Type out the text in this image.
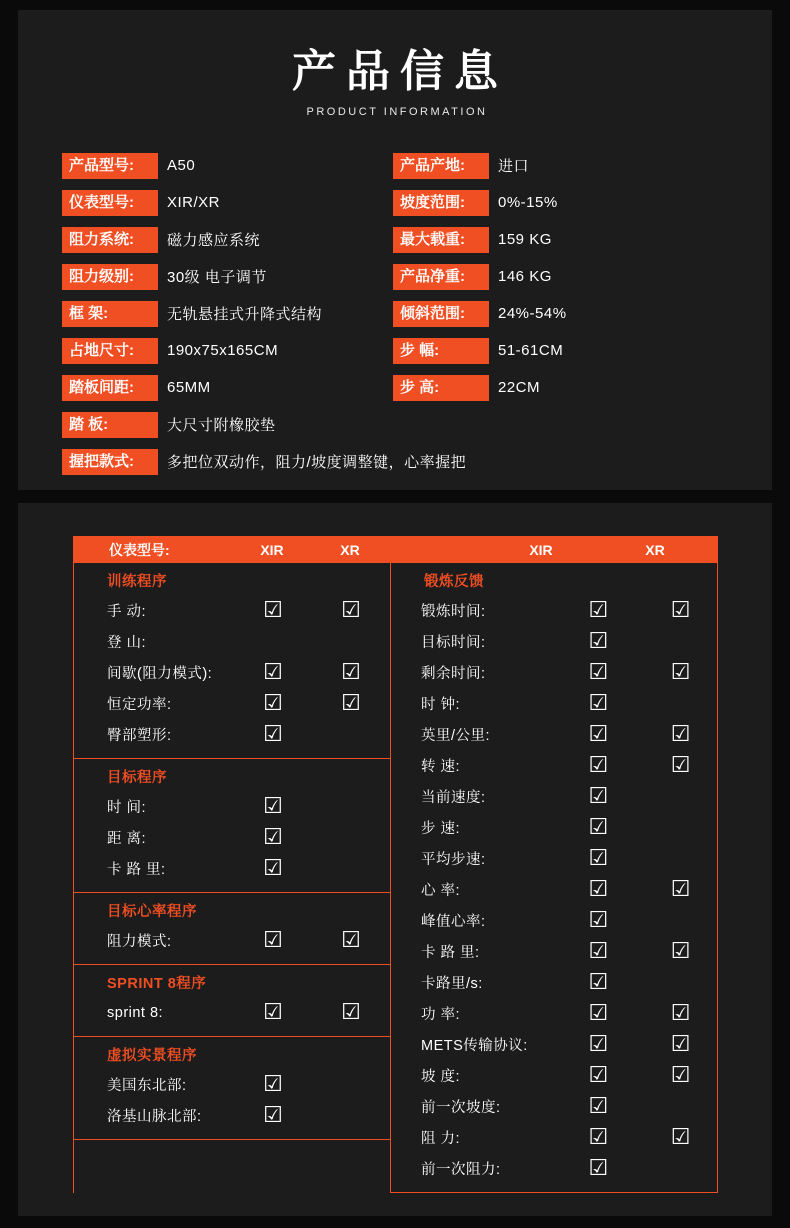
产品信息
PRODUCT INFORMATION
产品型号:	A50
仪表型号:	XIR/XR
阻力系统:	磁力感应系统
阻力级别:	30级 电子调节
框 架:	无轨悬挂式升降式结构
占地尺寸:	190x75x165CM
踏板间距:	65MM
踏 板:	大尺寸附橡胶垫
握把款式:	多把位双动作，阻力/坡度调整键，心率握把
产品产地:	进口
坡度范围:	0%-15%
最大载重:	159 KG
产品净重:	146 KG
倾斜范围:	24%-54%
步 幅:	51-61CM
步 高:	22CM
仪表型号:	XIR	XR	XIR	XR
训练程序
手 动:	☑	☑
登 山:
间歇(阻力模式):	☑	☑
恒定功率:	☑	☑
臀部塑形:	☑
目标程序
时 间:	☑
距 离:	☑
卡 路 里:	☑
目标心率程序
阻力模式:	☑	☑
SPRINT 8程序
sprint 8:	☑	☑
虚拟实景程序
美国东北部:	☑
洛基山脉北部:	☑
锻炼反馈
锻炼时间:	☑	☑
目标时间:	☑
剩余时间:	☑	☑
时 钟:	☑
英里/公里:	☑	☑
转 速:	☑	☑
当前速度:	☑
步 速:	☑
平均步速:	☑
心 率:	☑	☑
峰值心率:	☑
卡 路 里:	☑	☑
卡路里/s:	☑
功 率:	☑	☑
METS传输协议:	☑	☑
坡 度:	☑	☑
前一次坡度:	☑
阻 力:	☑	☑
前一次阻力:	☑
